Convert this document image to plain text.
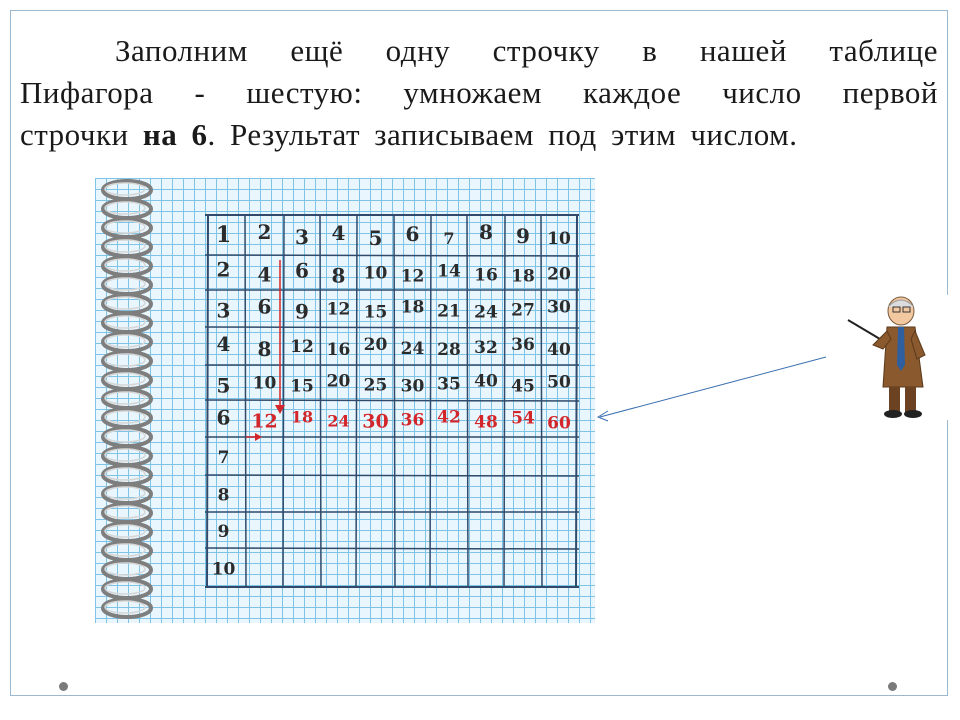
Заполним ещё одну строчку в нашей таблице
Пифагора - шестую: умножаем каждое число первой
строчки на 6. Результат записываем под этим числом.
1 2 3 4 5 6 7 8 9 10
2 4 6 8 10 12 14 16 18 20
3 6 9 12 15 18 21 24 27 30
4 8 12 16 20 24 28 32 36 40
5 10 15 20 25 30 35 40 45 50
6 12 18 24 30 36 42 48 54 60
7
8
9
10
